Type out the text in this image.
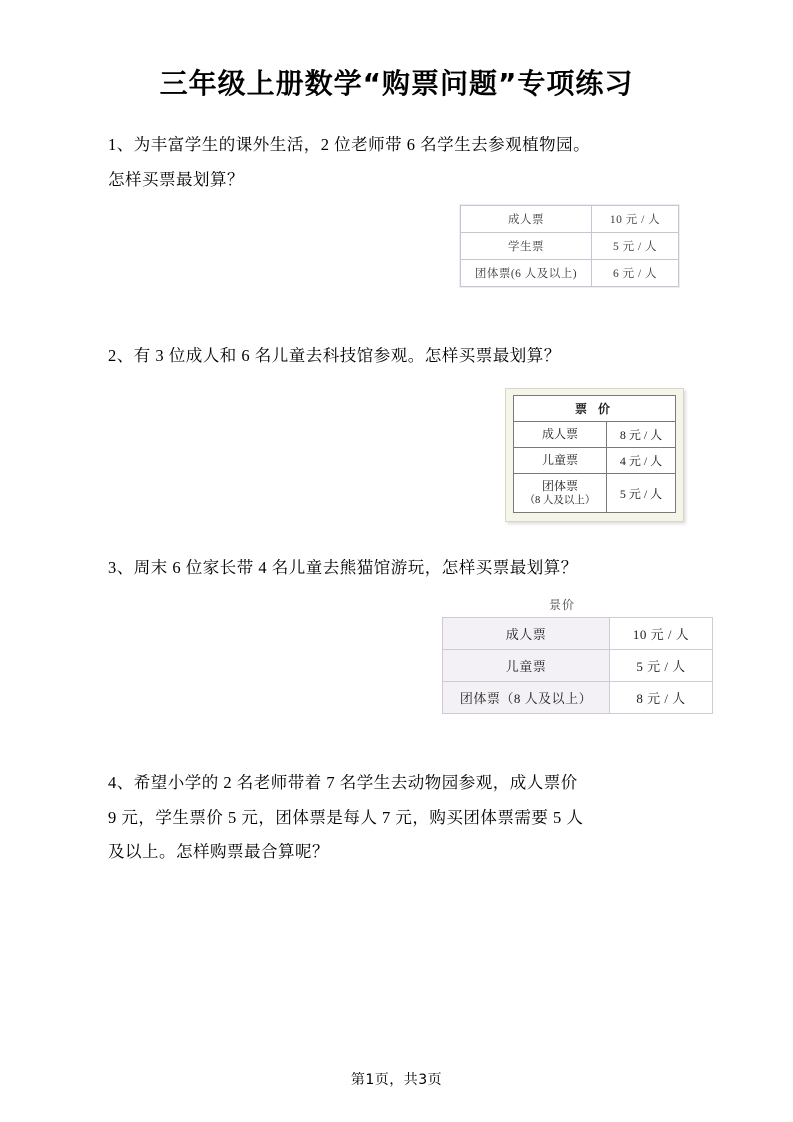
三年级上册数学“购票问题”专项练习
1、为丰富学生的课外生活，2 位老师带 6 名学生去参观植物园。
怎样买票最划算？
成人票	10 元 / 人
学生票	5 元 / 人
团体票(6 人及以上)	6 元 / 人
2、有 3 位成人和 6 名儿童去科技馆参观。怎样买票最划算？
票 价	
成人票	8 元 / 人
儿童票	4 元 / 人
团体票
（8 人及以上）	5 元 / 人
3、周末 6 位家长带 4 名儿童去熊猫馆游玩，怎样买票最划算？
景价
成人票	10 元 / 人
儿童票	5 元 / 人
团体票（8 人及以上）	8 元 / 人
4、希望小学的 2 名老师带着 7 名学生去动物园参观，成人票价
9 元，学生票价 5 元，团体票是每人 7 元，购买团体票需要 5 人
及以上。怎样购票最合算呢？
第1页，共3页
